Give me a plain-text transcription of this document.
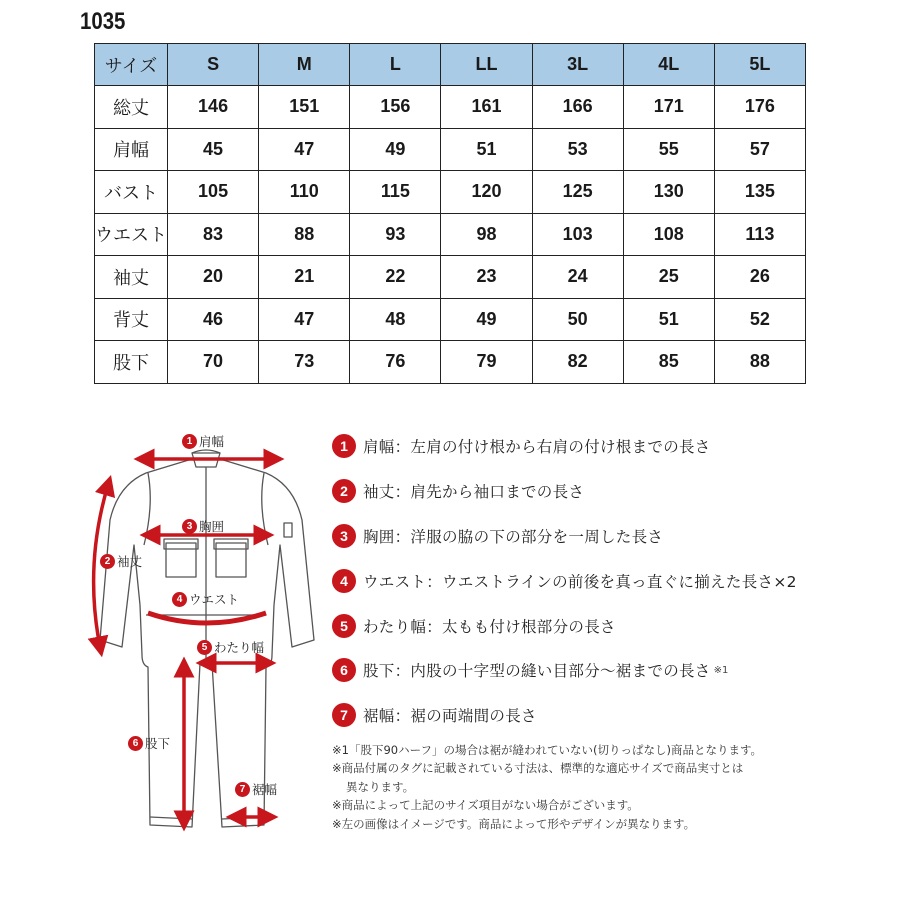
1035
サイズ	S	M	L	LL	3L	4L	5L
総丈	146	151	156	161	166	171	176
肩幅	45	47	49	51	53	55	57
バスト	105	110	115	120	125	130	135
ウエスト	83	88	93	98	103	108	113
袖丈	20	21	22	23	24	25	26
背丈	46	47	48	49	50	51	52
股下	70	73	76	79	82	85	88
1 肩幅
2 袖丈
3 胸囲
4 ウエスト
5 わたり幅
6 股下
7 裾幅
1 肩幅：左肩の付け根から右肩の付け根までの長さ
2 袖丈：肩先から袖口までの長さ
3 胸囲：洋服の脇の下の部分を一周した長さ
4 ウエスト：ウエストラインの前後を真っ直ぐに揃えた長さ×2
5 わたり幅：太もも付け根部分の長さ
6 股下：内股の十字型の縫い目部分〜裾までの長さ ※1
7 裾幅：裾の両端間の長さ
※1「股下90ハーフ」の場合は裾が縫われていない(切りっぱなし)商品となります。
※商品付属のタグに記載されている寸法は、標準的な適応サイズで商品実寸とは
異なります。
※商品によって上記のサイズ項目がない場合がございます。
※左の画像はイメージです。商品によって形やデザインが異なります。
